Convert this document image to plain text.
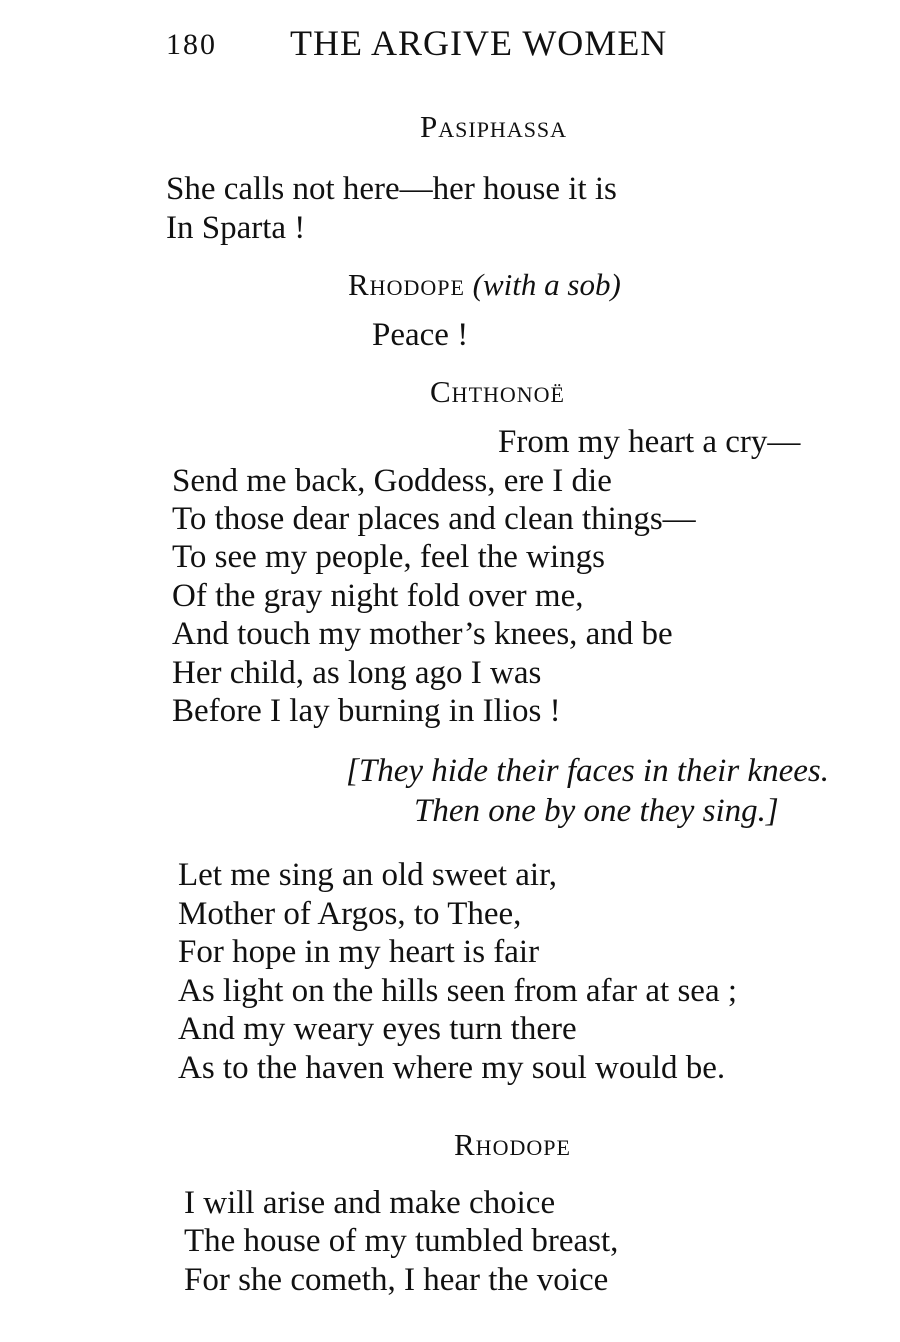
180 THE ARGIVE WOMEN
Pasiphassa
She calls not here—her house it is
In Sparta !
Rhodope (with a sob)
Peace !
Chthonoë
From my heart a cry—
Send me back, Goddess, ere I die
To those dear places and clean things—
To see my people, feel the wings
Of the gray night fold over me,
And touch my mother’s knees, and be
Her child, as long ago I was
Before I lay burning in Ilios !
[They hide their faces in their knees.
Then one by one they sing.]
Let me sing an old sweet air,
Mother of Argos, to Thee,
For hope in my heart is fair
As light on the hills seen from afar at sea ;
And my weary eyes turn there
As to the haven where my soul would be.
Rhodope
I will arise and make choice
The house of my tumbled breast,
For she cometh, I hear the voice
